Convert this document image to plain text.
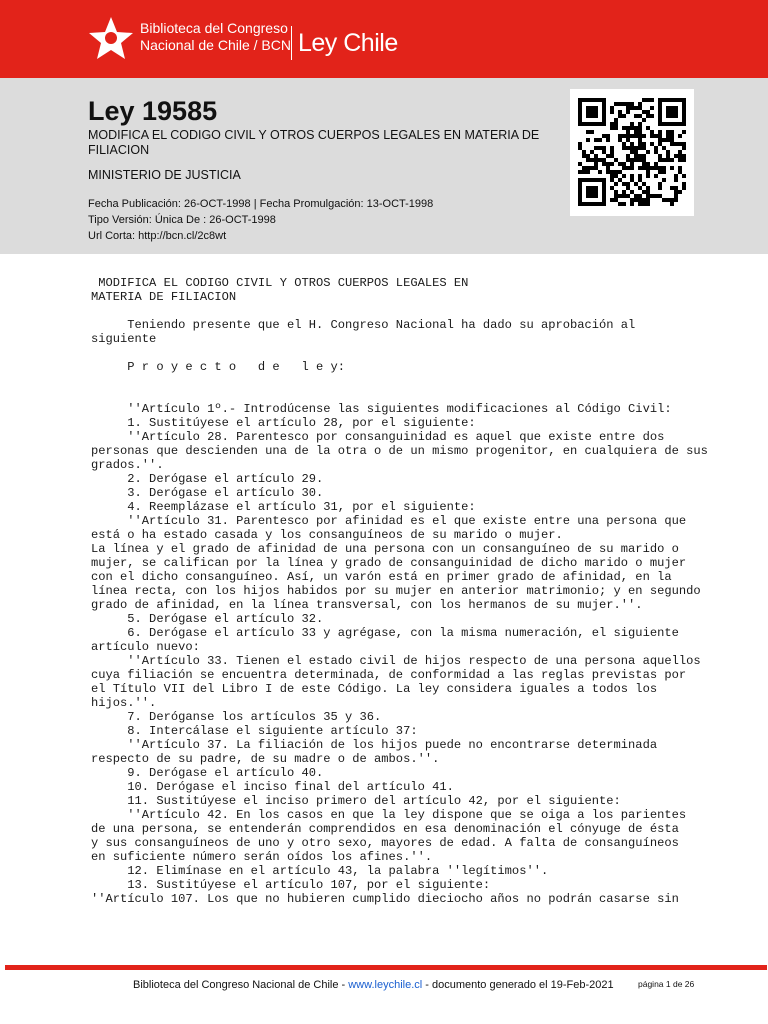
Biblioteca del Congreso
Nacional de Chile / BCN Ley Chile
Ley 19585
MODIFICA EL CODIGO CIVIL Y OTROS CUERPOS LEGALES EN MATERIA DE FILIACION
MINISTERIO DE JUSTICIA
Fecha Publicación: 26-OCT-1998 | Fecha Promulgación: 13-OCT-1998
Tipo Versión: Única De : 26-OCT-1998
Url Corta: http://bcn.cl/2c8wt
MODIFICA EL CODIGO CIVIL Y OTROS CUERPOS LEGALES EN
MATERIA DE FILIACION

Teniendo presente que el H. Congreso Nacional ha dado su aprobación al
siguiente

P r o y e c t o   d e   l e y:

''Artículo 1º.- Introdúcense las siguientes modificaciones al Código Civil:
1. Sustitúyese el artículo 28, por el siguiente:
''Artículo 28. Parentesco por consanguinidad es aquel que existe entre dos
personas que descienden una de la otra o de un mismo progenitor, en cualquiera de sus
grados.''.
2. Derógase el artículo 29.
3. Derógase el artículo 30.
4. Reemplázase el artículo 31, por el siguiente:
''Artículo 31. Parentesco por afinidad es el que existe entre una persona que
está o ha estado casada y los consanguíneos de su marido o mujer.
La línea y el grado de afinidad de una persona con un consanguíneo de su marido o
mujer, se califican por la línea y grado de consanguinidad de dicho marido o mujer
con el dicho consanguíneo. Así, un varón está en primer grado de afinidad, en la
línea recta, con los hijos habidos por su mujer en anterior matrimonio; y en segundo
grado de afinidad, en la línea transversal, con los hermanos de su mujer.''.
5. Derógase el artículo 32.
6. Derógase el artículo 33 y agrégase, con la misma numeración, el siguiente
artículo nuevo:
''Artículo 33. Tienen el estado civil de hijos respecto de una persona aquellos
cuya filiación se encuentra determinada, de conformidad a las reglas previstas por
el Título VII del Libro I de este Código. La ley considera iguales a todos los
hijos.''.
7. Deróganse los artículos 35 y 36.
8. Intercálase el siguiente artículo 37:
''Artículo 37. La filiación de los hijos puede no encontrarse determinada
respecto de su padre, de su madre o de ambos.''.
9. Derógase el artículo 40.
10. Derógase el inciso final del artículo 41.
11. Sustitúyese el inciso primero del artículo 42, por el siguiente:
''Artículo 42. En los casos en que la ley dispone que se oiga a los parientes
de una persona, se entenderán comprendidos en esa denominación el cónyuge de ésta
y sus consanguíneos de uno y otro sexo, mayores de edad. A falta de consanguíneos
en suficiente número serán oídos los afines.''.
12. Elimínase en el artículo 43, la palabra ''legítimos''.
13. Sustitúyese el artículo 107, por el siguiente:
''Artículo 107. Los que no hubieren cumplido dieciocho años no podrán casarse sin
Biblioteca del Congreso Nacional de Chile - www.leychile.cl - documento generado el 19-Feb-2021	página 1 de 26
